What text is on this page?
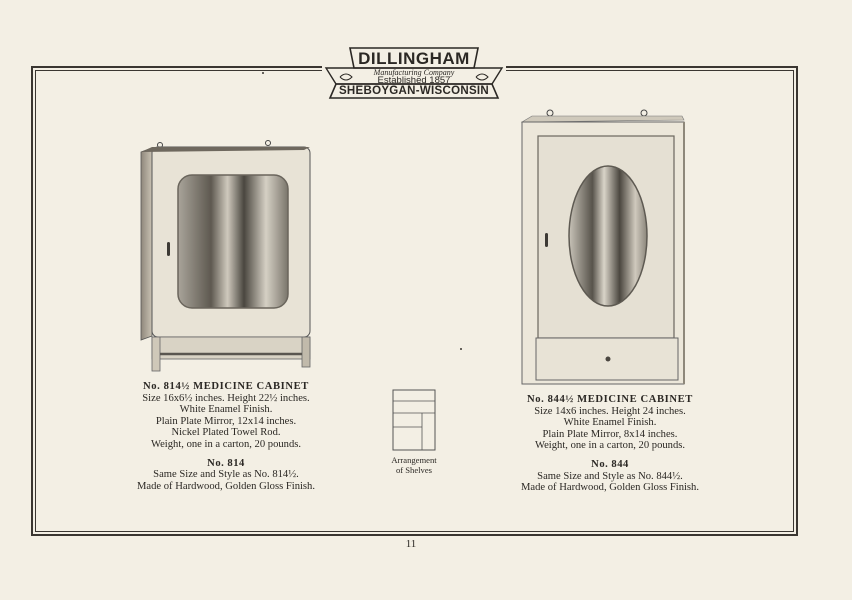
DILLINGHAM
Manufacturing Company
Established 1857
SHEBOYGAN-WISCONSIN
No. 814½ MEDICINE CABINET
Size 16x6½ inches. Height 22½ inches.
White Enamel Finish.
Plain Plate Mirror, 12x14 inches.
Nickel Plated Towel Rod.
Weight, one in a carton, 20 pounds.
No. 814
Same Size and Style as No. 814½.
Made of Hardwood, Golden Gloss Finish.
Arrangement
of Shelves
No. 844½ MEDICINE CABINET
Size 14x6 inches. Height 24 inches.
White Enamel Finish.
Plain Plate Mirror, 8x14 inches.
Weight, one in a carton, 20 pounds.
No. 844
Same Size and Style as No. 844½.
Made of Hardwood, Golden Gloss Finish.
11
